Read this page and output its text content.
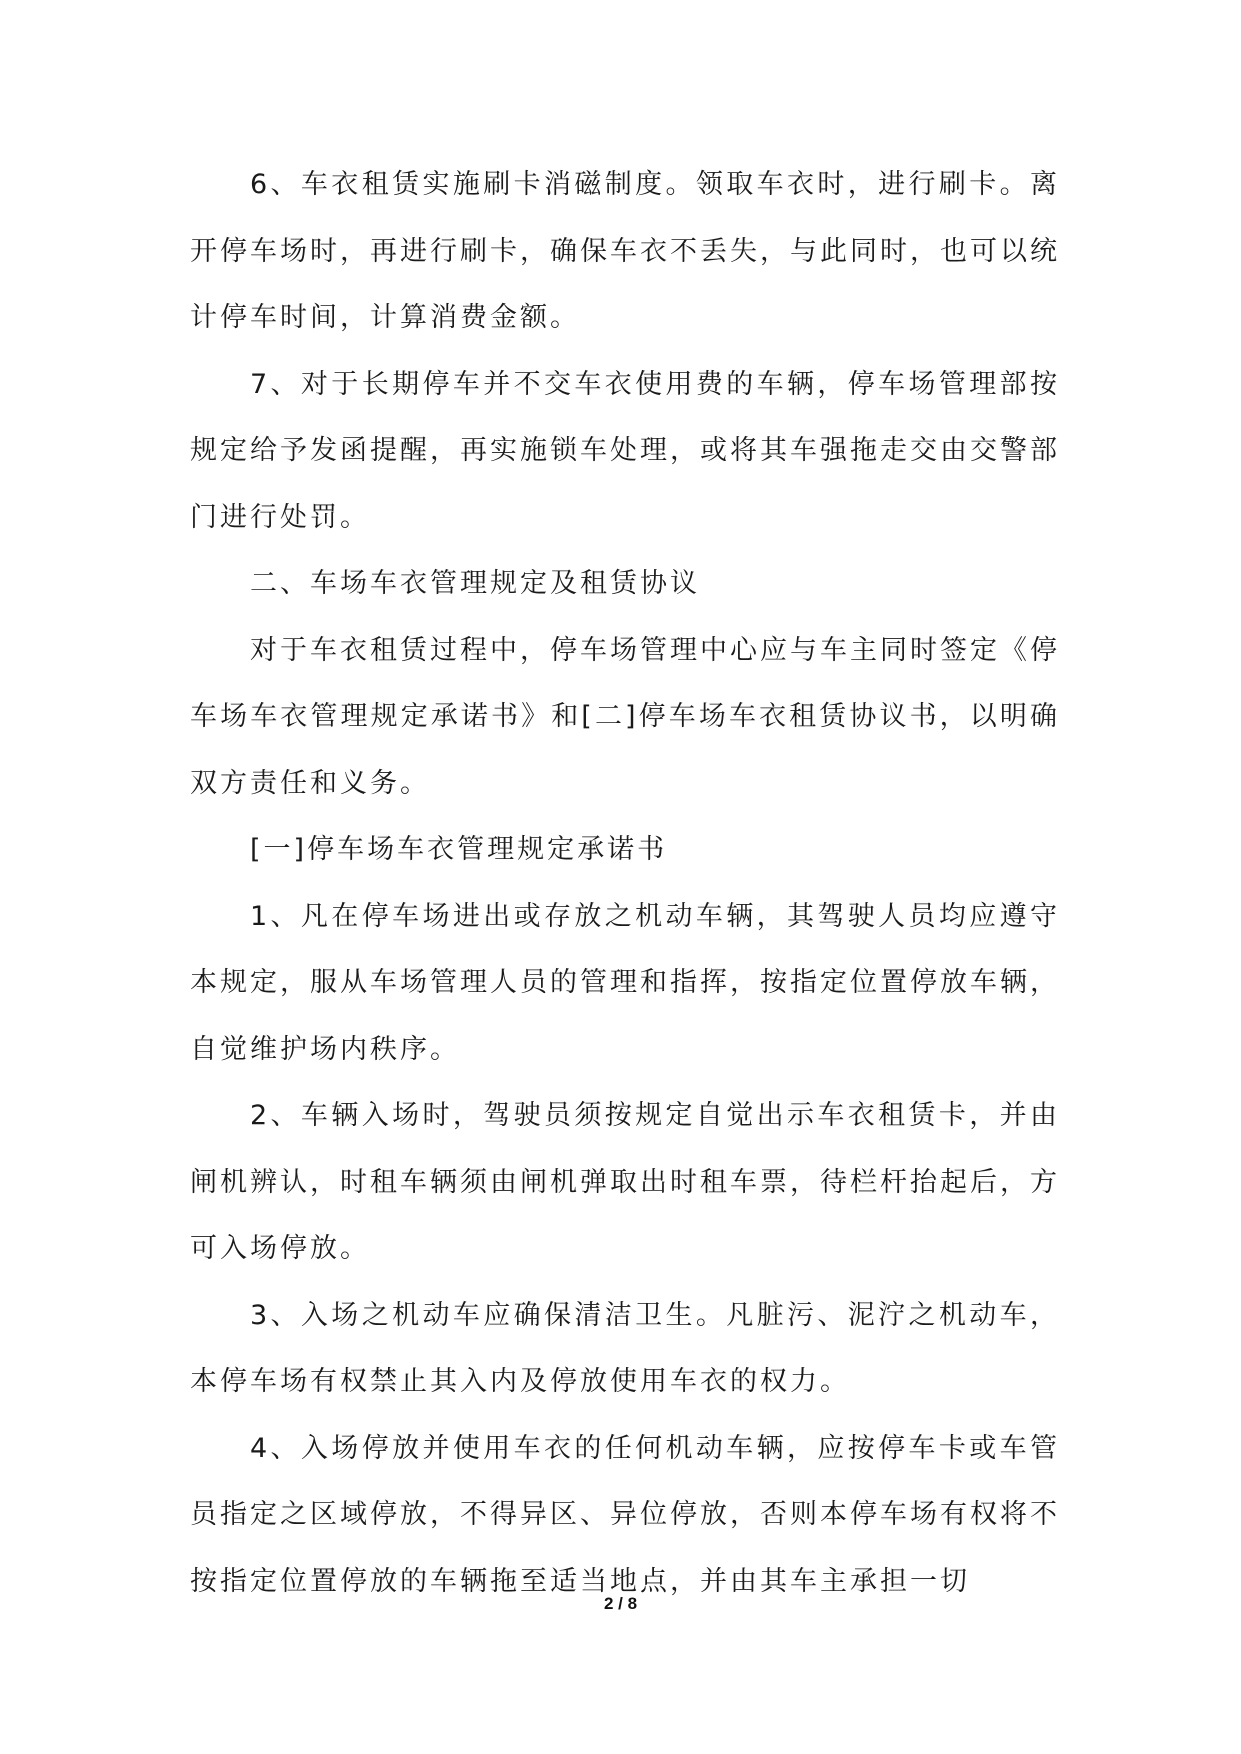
6、车衣租赁实施刷卡消磁制度。领取车衣时，进行刷卡。离开停车场时，再进行刷卡，确保车衣不丢失，与此同时，也可以统计停车时间，计算消费金额。

7、对于长期停车并不交车衣使用费的车辆，停车场管理部按规定给予发函提醒，再实施锁车处理，或将其车强拖走交由交警部门进行处罚。

二、车场车衣管理规定及租赁协议

对于车衣租赁过程中，停车场管理中心应与车主同时签定《停车场车衣管理规定承诺书》和[二]停车场车衣租赁协议书，以明确双方责任和义务。

[一]停车场车衣管理规定承诺书

1、凡在停车场进出或存放之机动车辆，其驾驶人员均应遵守本规定，服从车场管理人员的管理和指挥，按指定位置停放车辆，自觉维护场内秩序。

2、车辆入场时，驾驶员须按规定自觉出示车衣租赁卡，并由闸机辨认，时租车辆须由闸机弹取出时租车票，待栏杆抬起后，方可入场停放。

3、入场之机动车应确保清洁卫生。凡脏污、泥泞之机动车，本停车场有权禁止其入内及停放使用车衣的权力。

4、入场停放并使用车衣的任何机动车辆，应按停车卡或车管员指定之区域停放，不得异区、异位停放，否则本停车场有权将不按指定位置停放的车辆拖至适当地点，并由其车主承担一切

2 / 8
